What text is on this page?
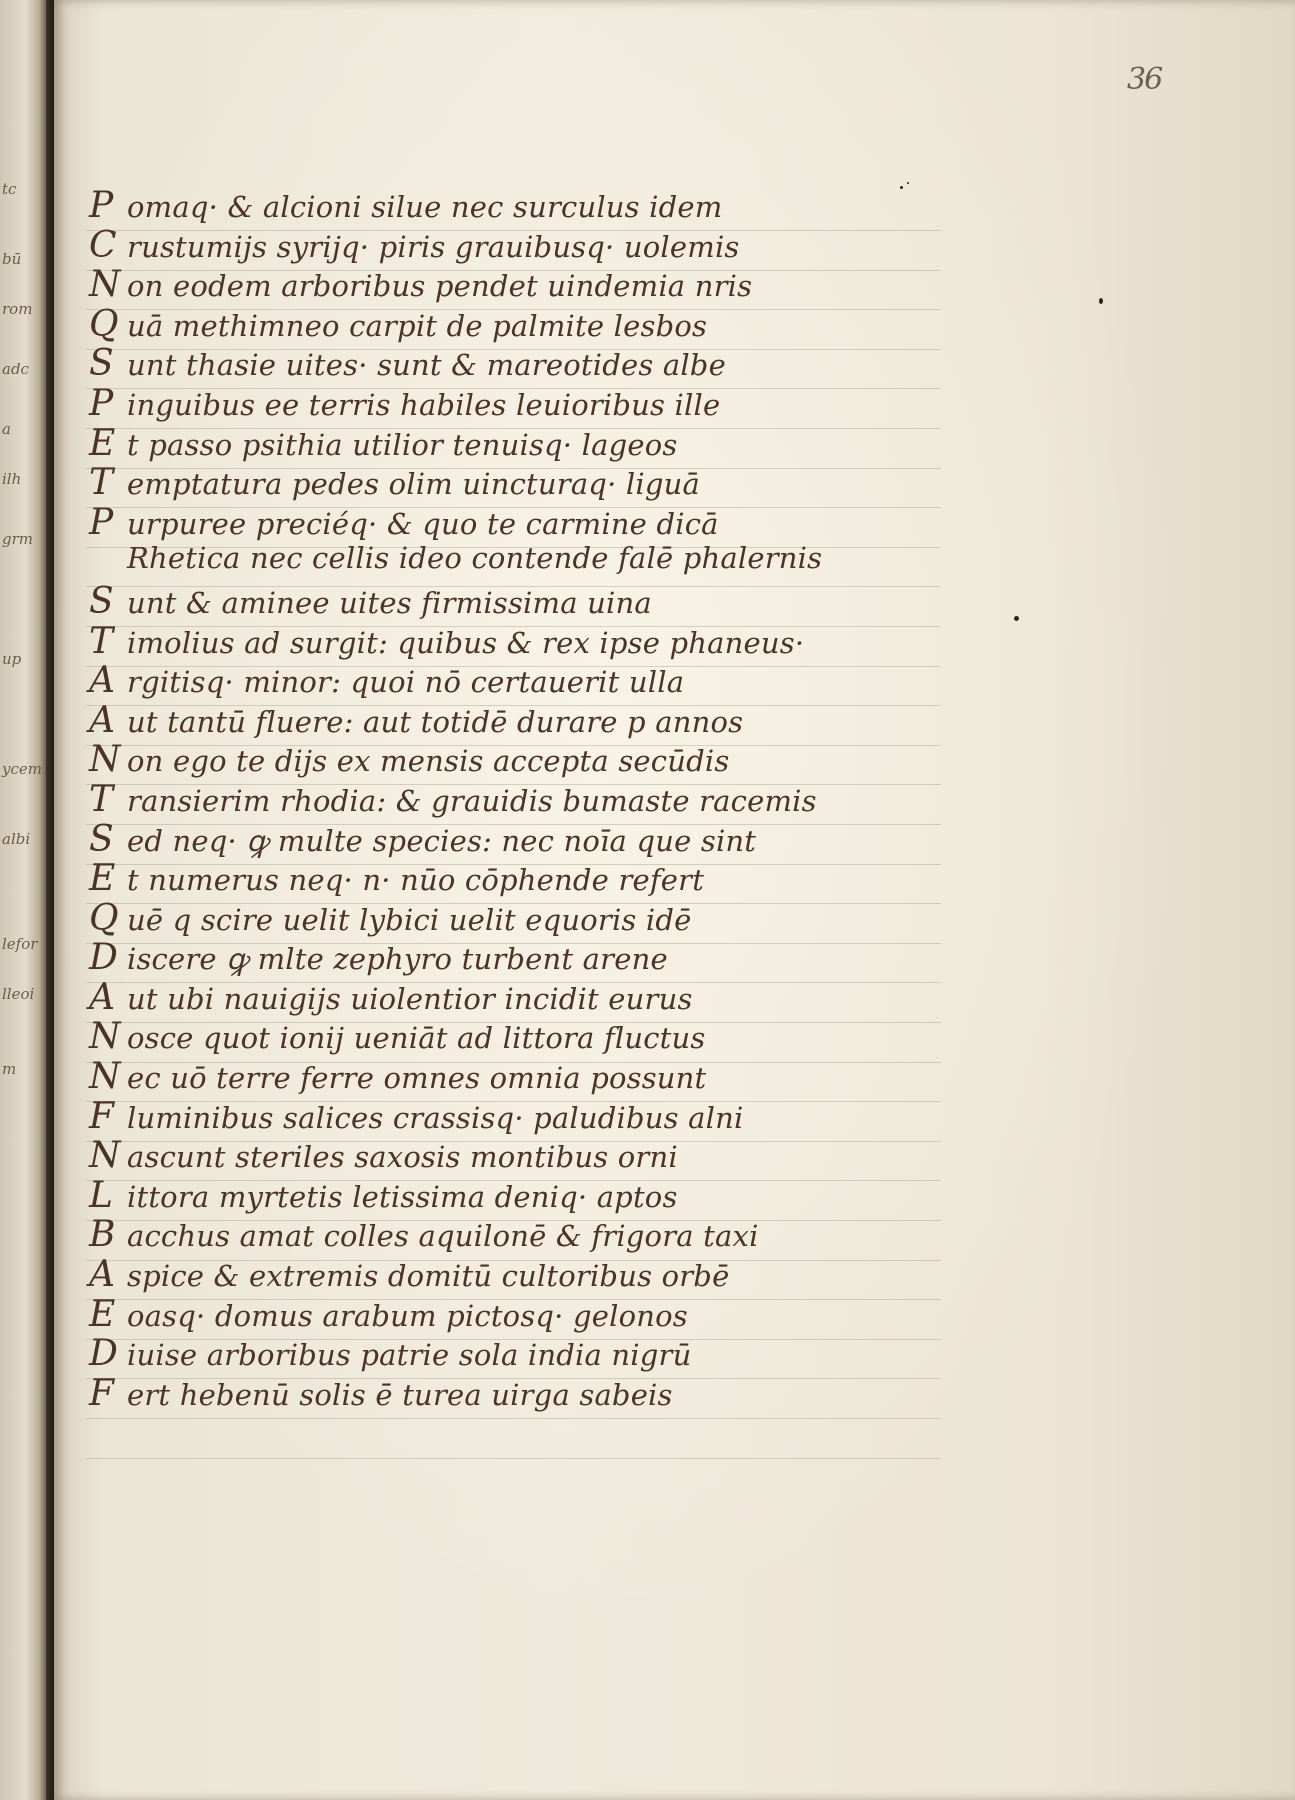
tc
bū
rom
adc
a
ilh
grm
up
ycem
albi
lefor
lleoi
m
36
P omaq· & alcioni silue nec surculus idem
C rustumijs syrijq· piris grauibusq· uolemis
N on eodem arboribus pendet uindemia nris
Q uā methimneo carpit de palmite lesbos
S unt thasie uites· sunt & mareotides albe
P inguibus ee terris habiles leuioribus ille
E t passo psithia utilior tenuisq· lageos
T emptatura pedes olim uincturaq· liguā
P urpuree preciéq· & quo te carmine dicā
Rhetica nec cellis ideo contende falē phalernis
S unt & aminee uites firmissima uina
T imolius ad surgit: quibus & rex ipse phaneus·
A rgitisq· minor: quoi nō certauerit ulla
A ut tantū fluere: aut totidē durare p annos
N on ego te dijs ex mensis accepta secūdis
T ransierim rhodia: & grauidis bumaste racemis
S ed neq· ꝙ multe species: nec noīa que sint
E t numerus neq· n· nūo cōphende refert
Q uē q scire uelit lybici uelit equoris idē
D iscere ꝙ mlte zephyro turbent arene
A ut ubi nauigijs uiolentior incidit eurus
N osce quot ionij ueniāt ad littora fluctus
N ec uō terre ferre omnes omnia possunt
F luminibus salices crassisq· paludibus alni
N ascunt steriles saxosis montibus orni
L ittora myrtetis letissima deniq· aptos
B acchus amat colles aquilonē & frigora taxi
A spice & extremis domitū cultoribus orbē
E oasq· domus arabum pictosq· gelonos
D iuise arboribus patrie sola india nigrū
F ert hebenū solis ē turea uirga sabeis
